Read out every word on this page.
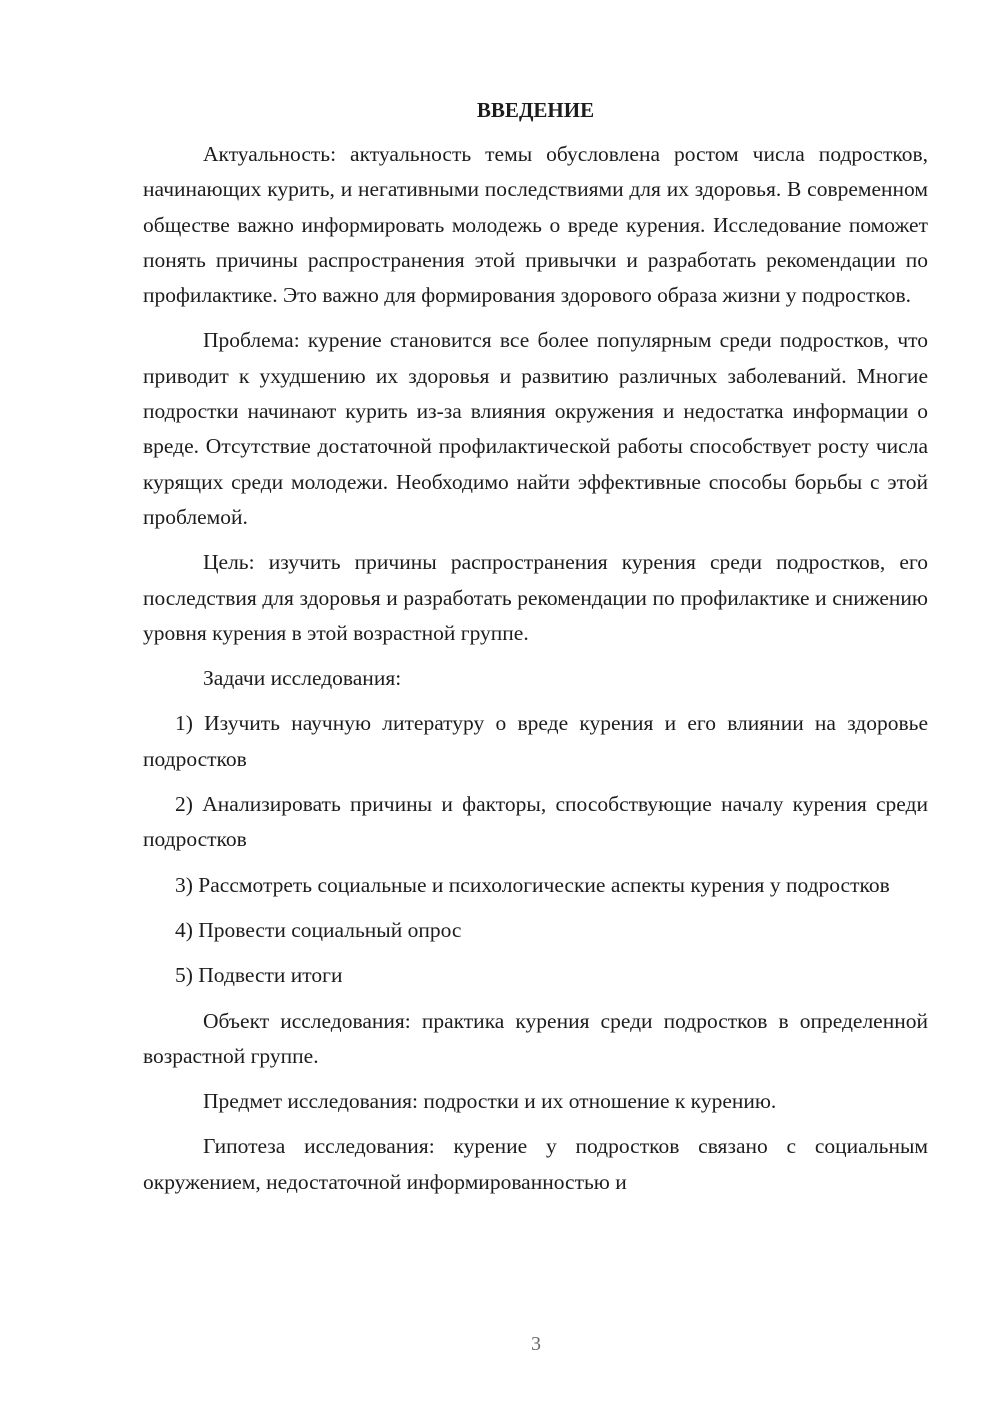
ВВЕДЕНИЕ

Актуальность: актуальность темы обусловлена ростом числа подростков, начинающих курить, и негативными последствиями для их здоровья. В современном обществе важно информировать молодежь о вреде курения. Исследование поможет понять причины распространения этой привычки и разработать рекомендации по профилактике. Это важно для формирования здорового образа жизни у подростков.

Проблема: курение становится все более популярным среди подростков, что приводит к ухудшению их здоровья и развитию различных заболеваний. Многие подростки начинают курить из-за влияния окружения и недостатка информации о вреде. Отсутствие достаточной профилактической работы способствует росту числа курящих среди молодежи. Необходимо найти эффективные способы борьбы с этой проблемой.

Цель: изучить причины распространения курения среди подростков, его последствия для здоровья и разработать рекомендации по профилактике и снижению уровня курения в этой возрастной группе.

Задачи исследования:

1) Изучить научную литературу о вреде курения и его влиянии на здоровье подростков

2) Анализировать причины и факторы, способствующие началу курения среди подростков

3) Рассмотреть социальные и психологические аспекты курения у подростков

4) Провести социальный опрос

5) Подвести итоги

Объект исследования: практика курения среди подростков в определенной возрастной группе.

Предмет исследования: подростки и их отношение к курению.

Гипотеза исследования: курение у подростков связано с социальным окружением, недостаточной информированностью и

3
